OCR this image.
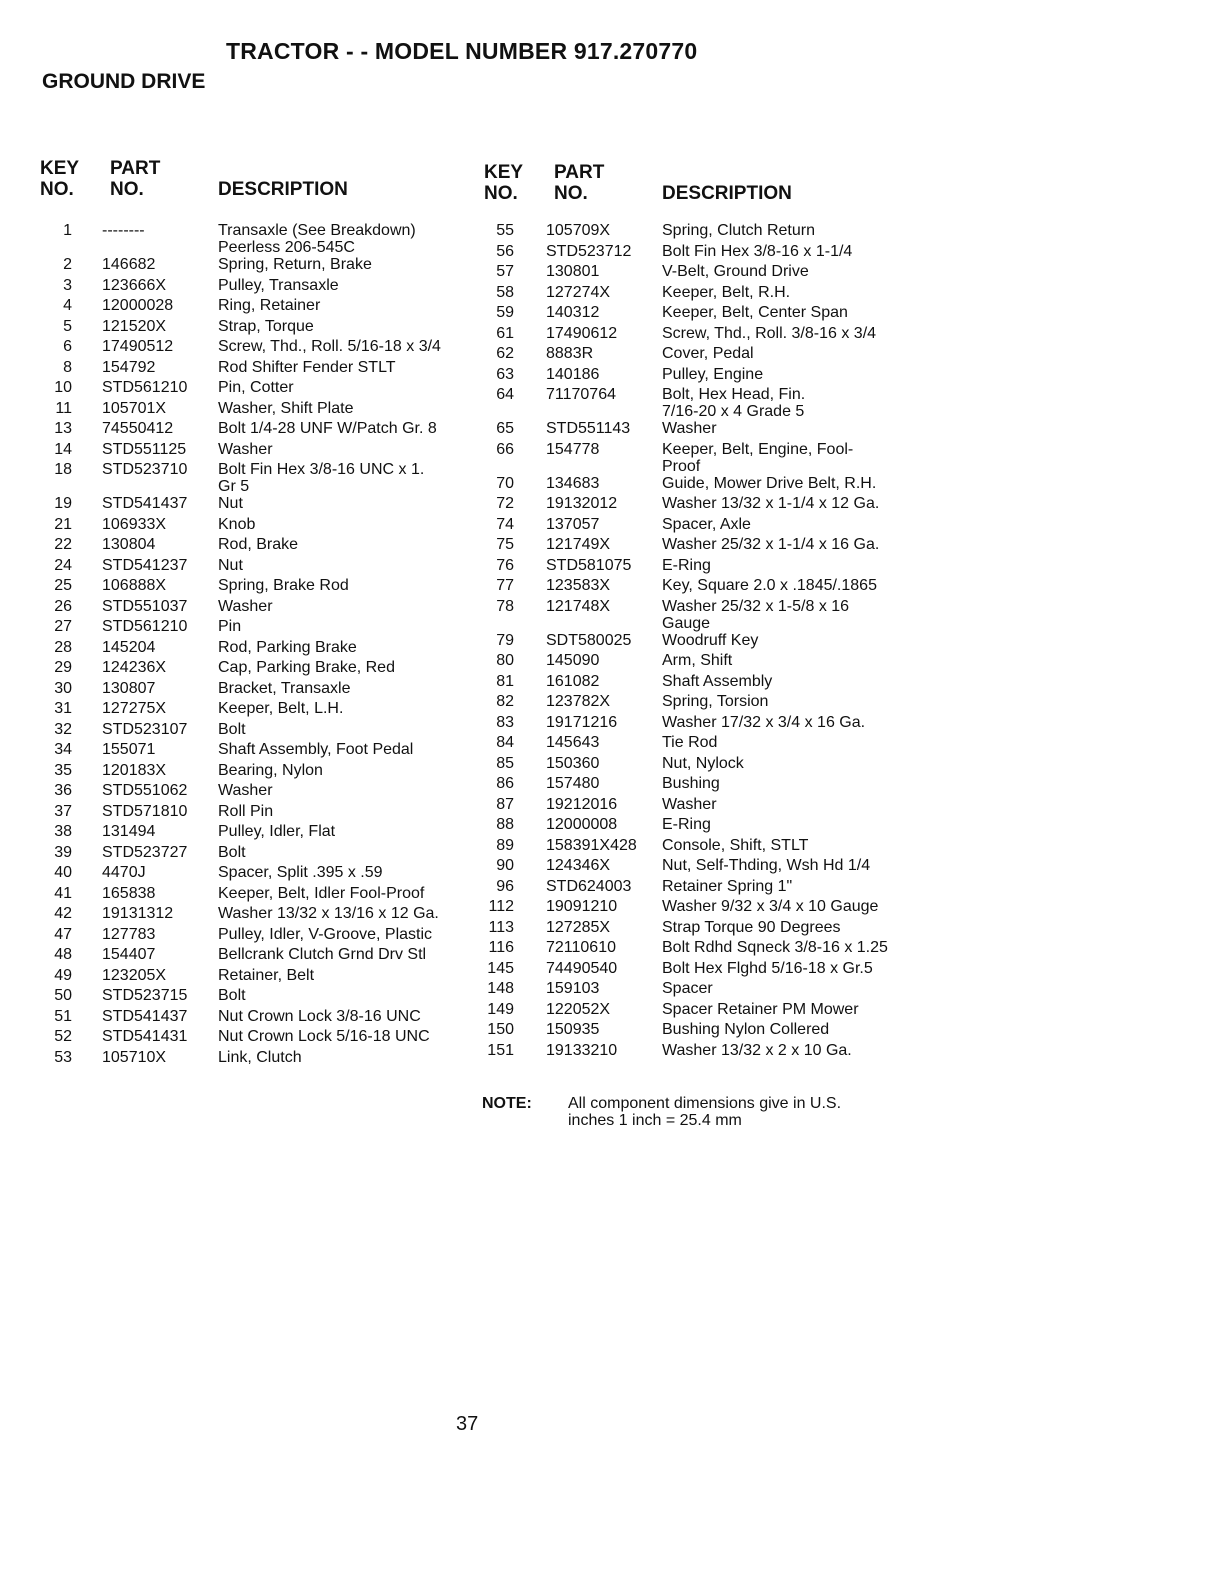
TRACTOR - - MODEL NUMBER 917.270770
GROUND DRIVE
KEY
NO.
PART
NO.	DESCRIPTION
1 --------	Transaxle (See Breakdown)
Peerless 206-545C
2 146682	Spring, Return, Brake
3 123666X	Pulley, Transaxle
4 12000028	Ring, Retainer
5 121520X	Strap, Torque
6 17490512	Screw, Thd., Roll. 5/16-18 x 3/4
8 154792	Rod Shifter Fender STLT
10 STD561210 Pin, Cotter
11 105701X	Washer, Shift Plate
13 74550412	Bolt 1/4-28 UNF W/Patch Gr. 8
14 STD551125 Washer
18 STD523710 Bolt Fin Hex 3/8-16 UNC x 1.
Gr 5
19 STD541437 Nut
21 106933X	Knob
22 130804	Rod, Brake
24 STD541237 Nut
25 106888X	Spring, Brake Rod
26 STD551037 Washer
27 STD561210 Pin
28 145204	Rod, Parking Brake
29 124236X	Cap, Parking Brake, Red
30 130807	Bracket, Transaxle
31 127275X	Keeper, Belt, L.H.
32 STD523107 Bolt
34 155071	Shaft Assembly, Foot Pedal
35 120183X	Bearing, Nylon
36 STD551062 Washer
37 STD571810 Roll Pin
38 131494	Pulley, Idler, Flat
39 STD523727 Bolt
40 4470J	Spacer, Split .395 x .59
41 165838	Keeper, Belt, Idler Fool-Proof
42 19131312	Washer 13/32 x 13/16 x 12 Ga.
47 127783	Pulley, Idler, V-Groove, Plastic
48 154407	Bellcrank Clutch Grnd Drv Stl
49 123205X	Retainer, Belt
50 STD523715 Bolt
51 STD541437 Nut Crown Lock 3/8-16 UNC
52 STD541431 Nut Crown Lock 5/16-18 UNC
53 105710X	Link, Clutch
KEY
NO.
PART
NO.	DESCRIPTION
55 105709X	Spring, Clutch Return
56 STD523712 Bolt Fin Hex 3/8-16 x 1-1/4
57 130801	V-Belt, Ground Drive
58 127274X	Keeper, Belt, R.H.
59 140312	Keeper, Belt, Center Span
61 17490612	Screw, Thd., Roll. 3/8-16 x 3/4
62 8883R	Cover, Pedal
63 140186	Pulley, Engine
64 71170764	Bolt, Hex Head, Fin.
7/16-20 x 4 Grade 5
65 STD551143 Washer
66 154778	Keeper, Belt, Engine, Fool-
Proof
70 134683	Guide, Mower Drive Belt, R.H.
72 19132012	Washer 13/32 x 1-1/4 x 12 Ga.
74 137057	Spacer, Axle
75 121749X	Washer 25/32 x 1-1/4 x 16 Ga.
76 STD581075 E-Ring
77 123583X	Key, Square 2.0 x .1845/.1865
78 121748X	Washer 25/32 x 1-5/8 x 16
Gauge
79 SDT580025 Woodruff Key
80 145090	Arm, Shift
81 161082	Shaft Assembly
82 123782X	Spring, Torsion
83 19171216	Washer 17/32 x 3/4 x 16 Ga.
84 145643	Tie Rod
85 150360	Nut, Nylock
86 157480	Bushing
87 19212016	Washer
88 12000008	E-Ring
89 158391X428 Console, Shift, STLT
90 124346X	Nut, Self-Thding, Wsh Hd 1/4
96 STD624003 Retainer Spring 1"
112 19091210	Washer 9/32 x 3/4 x 10 Gauge
113 127285X	Strap Torque 90 Degrees
116 72110610	Bolt Rdhd Sqneck 3/8-16 x 1.25
145 74490540	Bolt Hex Flghd 5/16-18 x Gr.5
148 159103	Spacer
149 122052X	Spacer Retainer PM Mower
150 150935	Bushing Nylon Collered
151 19133210	Washer 13/32 x 2 x 10 Ga.
NOTE: All component dimensions give in U.S.
inches 1 inch = 25.4 mm
37
